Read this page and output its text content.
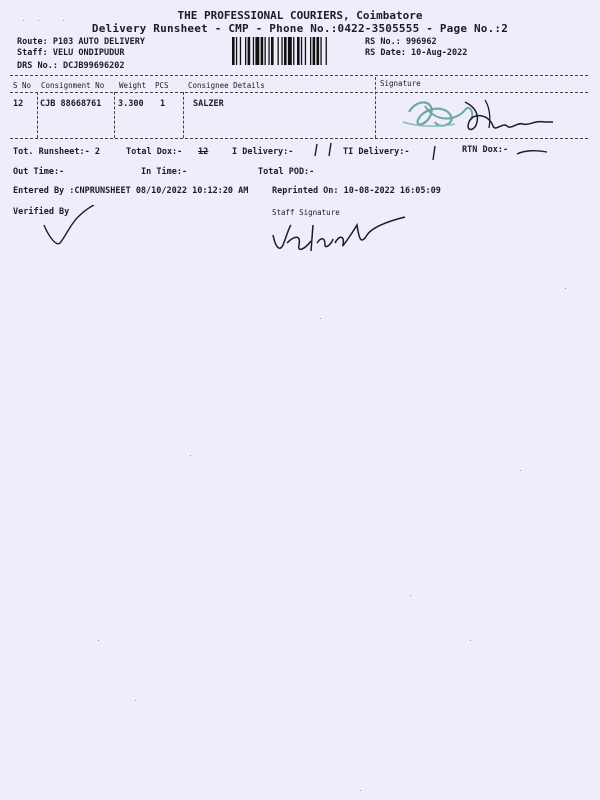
THE PROFESSIONAL COURIERS, Coimbatore
Delivery Runsheet - CMP - Phone No.:0422-3505555 - Page No.:2
Route: P103 AUTO DELIVERY
Staff: VELU ONDIPUDUR
DRS No.: DCJB99696202
RS No.: 996962
RS Date: 10-Aug-2022
S No Consignment No Weight PCS	Consignee Details	Signature
12 CJB 88668761 3.300 1	SALZER
Tot. Runsheet:- 2	Total Dox:- 12	I Delivery:-	TI Delivery:-	RTN Dox:-
Out Time:-	In Time:-	Total POD:-
Entered By :CNPRUNSHEET 08/10/2022 10:12:20 AM	Reprinted On: 10-08-2022 16:05:09
Verified By	Staff Signature
